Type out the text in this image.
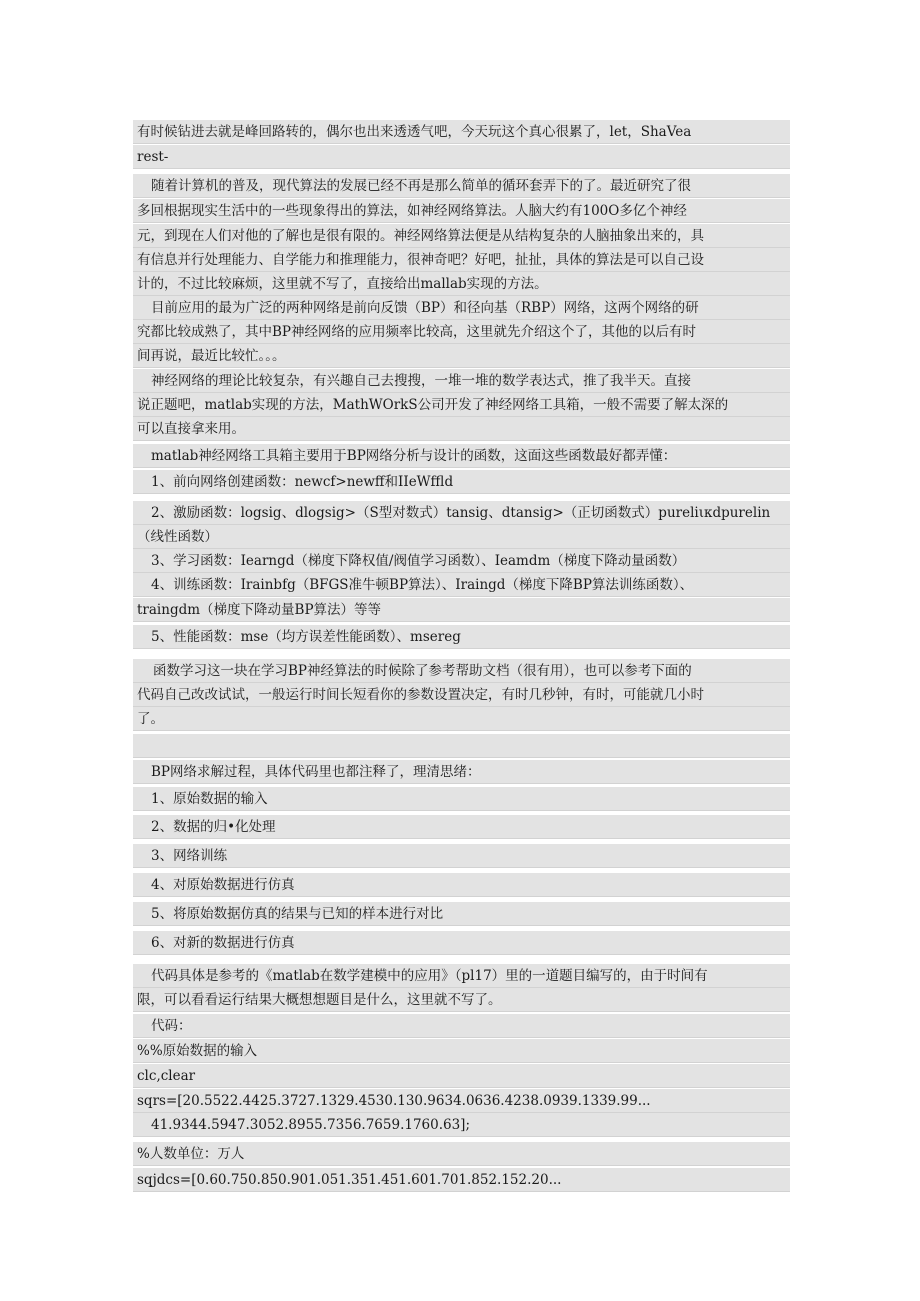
有时候钻进去就是峰回路转的，偶尔也出来透透气吧，今天玩这个真心很累了，let，ShaVea
rest-
随着计算机的普及，现代算法的发展已经不再是那么简单的循环套弄下的了。最近研究了很
多回根据现实生活中的一些现象得出的算法，如神经网络算法。人脑大约有100O多亿个神经
元，到现在人们对他的了解也是很有限的。神经网络算法便是从结构复杂的人脑抽象出来的，具
有信息并行处理能力、自学能力和推理能力，很神奇吧？好吧，扯扯，具体的算法是可以自己设
计的，不过比较麻烦，这里就不写了，直接给出mallab实现的方法。
目前应用的最为广泛的两种网络是前向反馈（BP）和径向基（RBP）网络，这两个网络的研
究都比较成熟了，其中BP神经网络的应用频率比较高，这里就先介绍这个了，其他的以后有时
间再说，最近比较忙。。。
神经网络的理论比较复杂，有兴趣自己去搜搜，一堆一堆的数学表达式，推了我半天。直接
说正题吧，matlab实现的方法，MathWOrkS公司开发了神经网络工具箱，一般不需要了解太深的
可以直接拿来用。
matlab神经网络工具箱主要用于BP网络分析与设计的函数，这面这些函数最好都弄懂：
1、前向网络创建函数：newcf>newff和IIeWffld
2、激励函数：logsig、dlogsig>（S型对数式）tansig、dtansig>（正切函数式）pureliικdpurelin
（线性函数）
3、学习函数：Iearngd（梯度下降权值/阀值学习函数）、Ieamdm（梯度下降动量函数）
4、训练函数：Irainbfg（BFGS准牛顿BP算法）、Iraingd（梯度下降BP算法训练函数）、
traingdm（梯度下降动量BP算法）等等
5、性能函数：mse（均方误差性能函数）、msereg
函数学习这一块在学习BP神经算法的时候除了参考帮助文档（很有用），也可以参考下面的
代码自己改改试试，一般运行时间长短看你的参数设置决定，有时几秒钟，有时，可能就几小时
了。
BP网络求解过程，具体代码里也都注释了，理清思绪：
1、原始数据的输入
2、数据的归•化处理
3、网络训练
4、对原始数据进行仿真
5、将原始数据仿真的结果与已知的样本进行对比
6、对新的数据进行仿真
代码具体是参考的《matlab在数学建模中的应用》（pl17）里的一道题目编写的，由于时间有
限，可以看看运行结果大概想想题目是什么，这里就不写了。
代码：
%%原始数据的输入
clc,clear
sqrs=[20.5522.4425.3727.1329.4530.130.9634.0636.4238.0939.1339.99...
41.9344.5947.3052.8955.7356.7659.1760.63];
%人数单位：万人
sqjdcs=[0.60.750.850.901.051.351.451.601.701.852.152.20...
